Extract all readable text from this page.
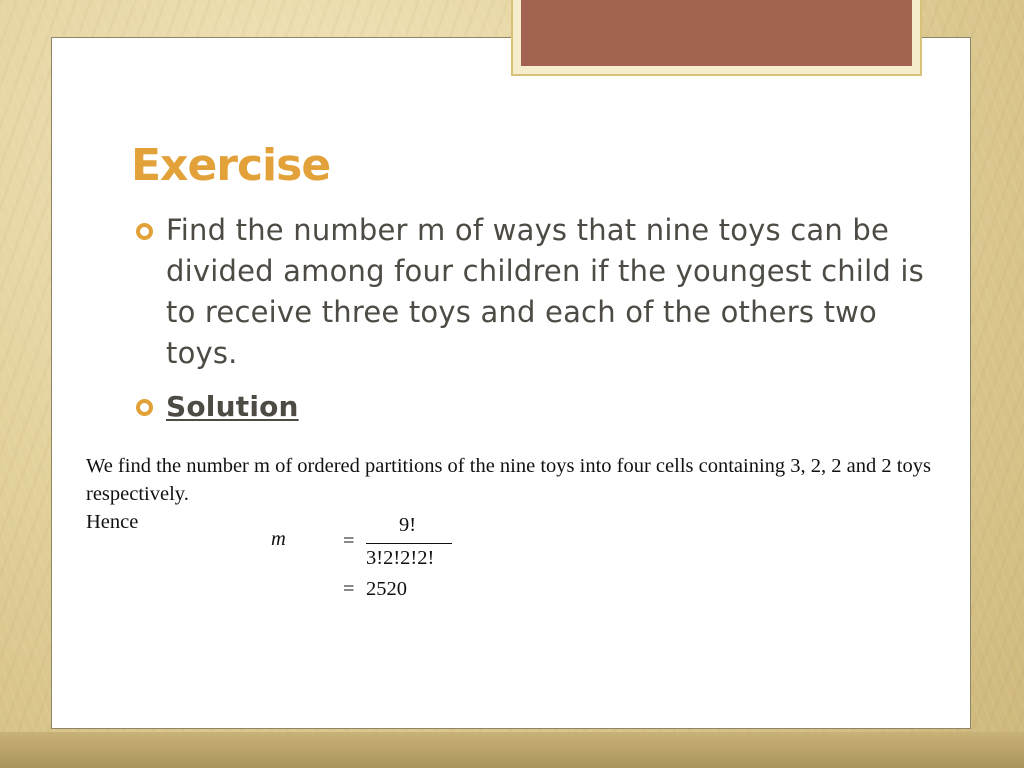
Exercise
Find the number m of ways that nine toys can be divided among four children if the youngest child is to receive three toys and each of the others two toys.
Solution

We find the number m of ordered partitions of the nine toys into four cells containing 3, 2, 2 and 2 toys respectively.

Hence

m	=
9!
3!2!2!2!
= 2520
